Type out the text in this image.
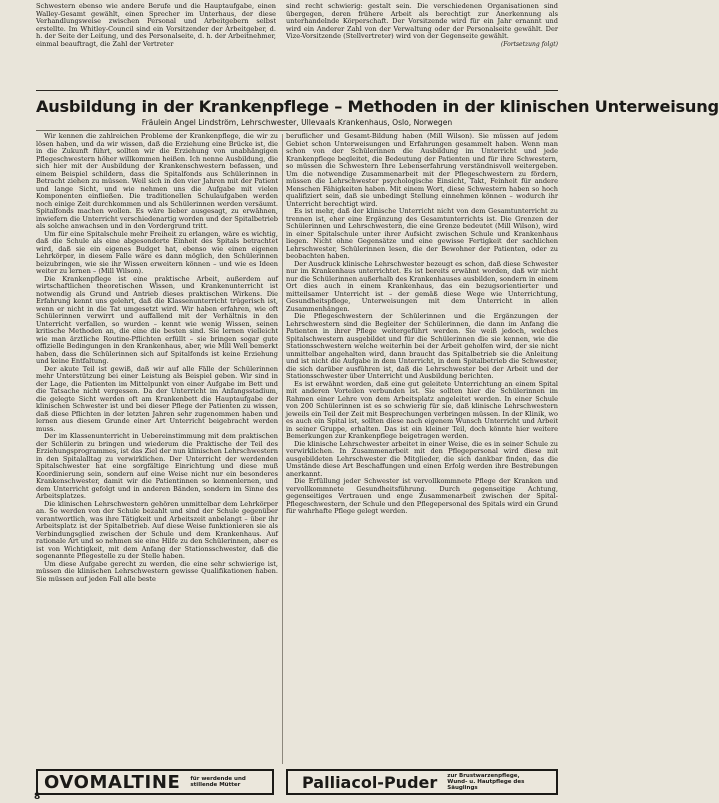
Schwestern ebenso wie andere Berufe und die Hauptaufgabe, einen Walley-Gesamt gewählt, einen Sprecher im Unterhaus, der diese Verhandlungsweise zwischen Personal und Arbeitgebern selbst erstellte. Im Whitley-Council sind ein Vorsitzender der Arbeitgeber, d. h. der Seite der Leitung, und des Personalseite, d. h. der Arbeitnehmer, einmal beauftragt, die Zahl der Vertreter

sind recht schwierig: gestalt sein. Die verschiedenen Organisationen sind übergegen, deren frühere Arbeit als berechtigt zur Anerkennung als unterhandelnde Körperschaft. Der Vorsitzende wird für ein Jahr ernannt und wird ein Anderer Zahl von der Verwaltung oder der Personalseite gewählt. Der Vize-Vorsitzende (Stellvertreter) wird von der Gegenseite gewählt.

(Fortsetzung folgt)
Ausbildung in der Krankenpflege – Methoden in der klinischen Unterweisung
Fräulein Angel Lindström, Lehrschwester, Ullevaals Krankenhaus, Oslo, Norwegen

Wir kennen die zahlreichen Probleme der Krankenpflege, die wir zu lösen haben, und da wir wissen, daß die Erziehung eine Brücke ist, die in die Zukunft führt, sollten wir die Erziehung von unabhängigen Pflegeschwestern höher willkommen heißen. Ich nenne Ausbildung, die sich hier mit der Ausbildung der Krankenschwestern befassen, und einem Beispiel schildern, dass die Spitalfonds aus Schülerinnen in Betracht ziehen zu müssen. Weil sich in den vier Jahren mit der Patient und lange Sicht, und wie nehmen uns die Aufgabe mit vielen Komponenten einfließen. Die traditionellen Schulaufgaben werden noch einige Zeit durchkommen und als Schülerinnen werden versäumt. Spitalfonds machen wollen. Es wäre lieber ausgesagt, zu erwähnen, inwiefern die Unterricht verschiedenartig worden und der Spitalbetrieb als solche anwachsen und in den Vordergrund tritt.

Um für eine Spitalschule mehr Freiheit zu erlangen, wäre es wichtig, daß die Schule als eine abgesonderte Einheit des Spitals betrachtet wird, daß sie ein eigenes Budget hat, ebenso wie einen eigenen Lehrkörper, in diesem Falle wäre es dann möglich, den Schülerinnen beizubringen, wie sie ihr Wissen erweitern können – und wie es Ideen weiter zu lernen – (Mill Wilson).

Die Krankenpflege ist eine praktische Arbeit, außerdem auf wirtschaftlichen theoretischen Wissen, und Krankenunterricht ist notwendig als Grund und Antrieb dieses praktischen Wirkens. Die Erfahrung kennt uns gelehrt, daß die Klassenunterricht trügerisch ist, wenn er nicht in die Tat umgesetzt wird. Wir haben erfahren, wie oft Schülerinnen verwirrt und auffallend mit der Verhältnis in den Unterricht verfallen, so wurden – kennt wie wenig Wissen, seinen kritische Methoden an, die eine die besten sind. Sie lernen vielleicht wie man ärztliche Routine-Pflichten erfüllt – sie bringen sogar gute offizielle Bedingungen in den Krankenhaus, aber, wie Mill Well bemerkt haben, dass die Schülerinnen sich auf Spitalfonds ist keine Erziehung und keine Entfaltung.

Der akute Teil ist gewiß, daß wir auf alle Fälle der Schülerinnen mehr Unterstützung bei einer Leistung als Beispiel geben. Wir sind in der Lage, die Patienten im Mittelpunkt von einer Aufgabe im Bett und die Tatsache nicht vergessen. Da der Unterricht im Anfangsstadium, die gelegte Sicht werden oft am Krankenbett die Hauptaufgabe der klinischen Schwester ist und bei dieser Pflege der Patienten zu wissen, daß diese Pflichten in der letzten Jahren sehr zugenommen haben und lernen aus diesem Grunde einer Art Unterricht beigebracht werden muss.

Der im Klassenunterricht in Uebereinstimmung mit dem praktischen der Schülerin zu bringen und wiederum die Praktische der Teil des Erziehungsprogrammes, ist das Ziel der nun klinischen Lehrschwestern in den Spitalalltag zu verwirklichen. Der Unterricht der werdenden Spitalschwester hat eine sorgfältige Einrichtung und diese muß Koordinierung sein, sondern auf eine Weise nicht nur ein besonderes Krankenschwester, damit wir die Patientinnen so kennenlernen, und dem Unterricht gefolgt und in anderen Bänden, sondern im Sinne des Arbeitsplatzes.

Die klinischen Lehrschwestern gehören unmittelbar dem Lehrkörper an. So werden von der Schule bezahlt und sind der Schule gegenüber verantwortlich, was ihre Tätigkeit und Arbeitszeit anbelangt – über ihr Arbeitsplatz ist der Spitalbetrieb. Auf diese Weise funktionieren sie als Verbindungsglied zwischen der Schule und dem Krankenhaus. Auf rationale Art und so nehmen sie eine Hilfe zu den Schülerinnen, aber es ist von Wichtigkeit, mit dem Anfang der Stationsschwester, daß die sogenannte Pflegestelle zu der Stelle haben.

Um diese Aufgabe gerecht zu werden, die eine sehr schwierige ist, müssen die klinischen Lehrschwestern gewisse Qualifikationen haben. Sie müssen auf jeden Fall alle beste

beruflicher und Gesamt-Bildung haben (Mill Wilson). Sie müssen auf jedem Gebiet schon Unterweisungen und Erfahrungen gesammelt haben. Wenn man schon von der Schülerinnen die Ausbildung im Unterricht und jede Krankenpflege begleitet, die Bedeutung der Patienten und für ihre Schwestern, so müssen die Schwestern Ihre Lebenserfahrung verständnisvoll weitergeben. Um die notwendige Zusammenarbeit mit der Pflegeschwestern zu fördern, müssen die Lehrschwester psychologische Einsicht, Takt, Feinheit für andere Menschen Fähigkeiten haben. Mit einem Wort, diese Schwestern haben so hoch qualifiziert sein, daß sie unbedingt Stellung einnehmen können – wodurch ihr Unterricht berechtigt wird.

Es ist mehr, daß der klinische Unterricht nicht von dem Gesamtunterricht zu trennen ist, eher eine Ergänzung des Gesamtunterrichts ist. Die Grenzen der Schülerinnen und Lehrschwestern, die eine Grenze bedeutet (Mill Wilson), wird in einer Spitalschule unter ihrer Aufsicht zwischen Schule und Krankenhaus liegen. Nicht ohne Gegensätze und eine gewisse Fertigkeit der sachlichen Lehrschwester, Schülerinnen lesen, die der Bewohner der Patienten, oder zu beobachten haben.

Der Ausdruck klinische Lehrschwester bezeugt es schon, daß diese Schwester nur im Krankenhaus unterrichtet. Es ist bereits erwähnt worden, daß wir nicht nur die Schülerinnen außerhalb des Krankenhauses ausbilden, sondern in einem Ort dies auch in einem Krankenhaus, das ein bezugsorientierter und mitteilsamer Unterricht ist – der gemäß diese Wege wie Unterrichtung, Gesundheitspflege, Unterweisungen mit dem Unterricht in allen Zusammenhängen.

Die Pflegeschwestern der Schülerinnen und die Ergänzungen der Lehrschwestern sind die Begleiter der Schülerinnen, die dann im Anfang die Patienten in ihrer Pflege weitergeführt werden. Sie weiß jedoch, welches Spitalschwestern ausgebildet und für die Schülerinnen die sie kennen, wie die Stationsschwestern welche weiterhin bei der Arbeit geholfen wird, der sie nicht unmittelbar angehalten wird, dann braucht das Spitalbetrieb sie die Anleitung und ist nicht die Aufgabe in dem Unterricht, in dem Spitalbetrieb die Schwester, die sich darüber ausführen ist, daß die Lehrschwester bei der Arbeit und der Stationsschwester über Unterricht und Ausbildung berichten.

Es ist erwähnt worden, daß eine gut geleitete Unterrichtung an einem Spital mit anderen Vorteilen verbunden ist. Sie sollten hier die Schülerinnen im Rahmen einer Lehre von dem Arbeitsplatz angeleitet werden. In einer Schule von 200 Schülerinnen ist es so schwierig für sie, daß klinische Lehrschwestern jeweils ein Teil der Zeit mit Besprechungen verbringen müssen. In der Klinik, wo es auch ein Spital ist, sollten diese nach eigenem Wunsch Unterricht und Arbeit in seiner Gruppe, erhalten. Das ist ein kleiner Teil, doch könnte hier weitere Bemerkungen zur Krankenpflege beigetragen werden.

Die klinische Lehrschwester arbeitet in einer Weise, die es in seiner Schule zu verwirklichen. In Zusammenarbeit mit den Pflegepersonal wird diese mit ausgebildeten Lehrschwester die Mitglieder, die sich dankbar finden, das die Umstände diese Art Beschaffungen und einen Erfolg werden ihre Bestrebungen anerkannt.

Die Erfüllung jeder Schwester ist vervollkommnete Pflege der Kranken und vervollkommnete Gesundheitsführung. Durch gegenseitige Achtung, gegenseitiges Vertrauen und enge Zusammenarbeit zwischen der Spital-Pflegeschwestern, der Schule und den Pflegepersonal des Spitals wird ein Grund für wahrhafte Pflege gelegt werden.

OVOMALTINE für werdende und stillende Mütter	Palliacol-Puder zur Brustwarzenpflege, Wund- u. Hautpflege des Säuglings
8
